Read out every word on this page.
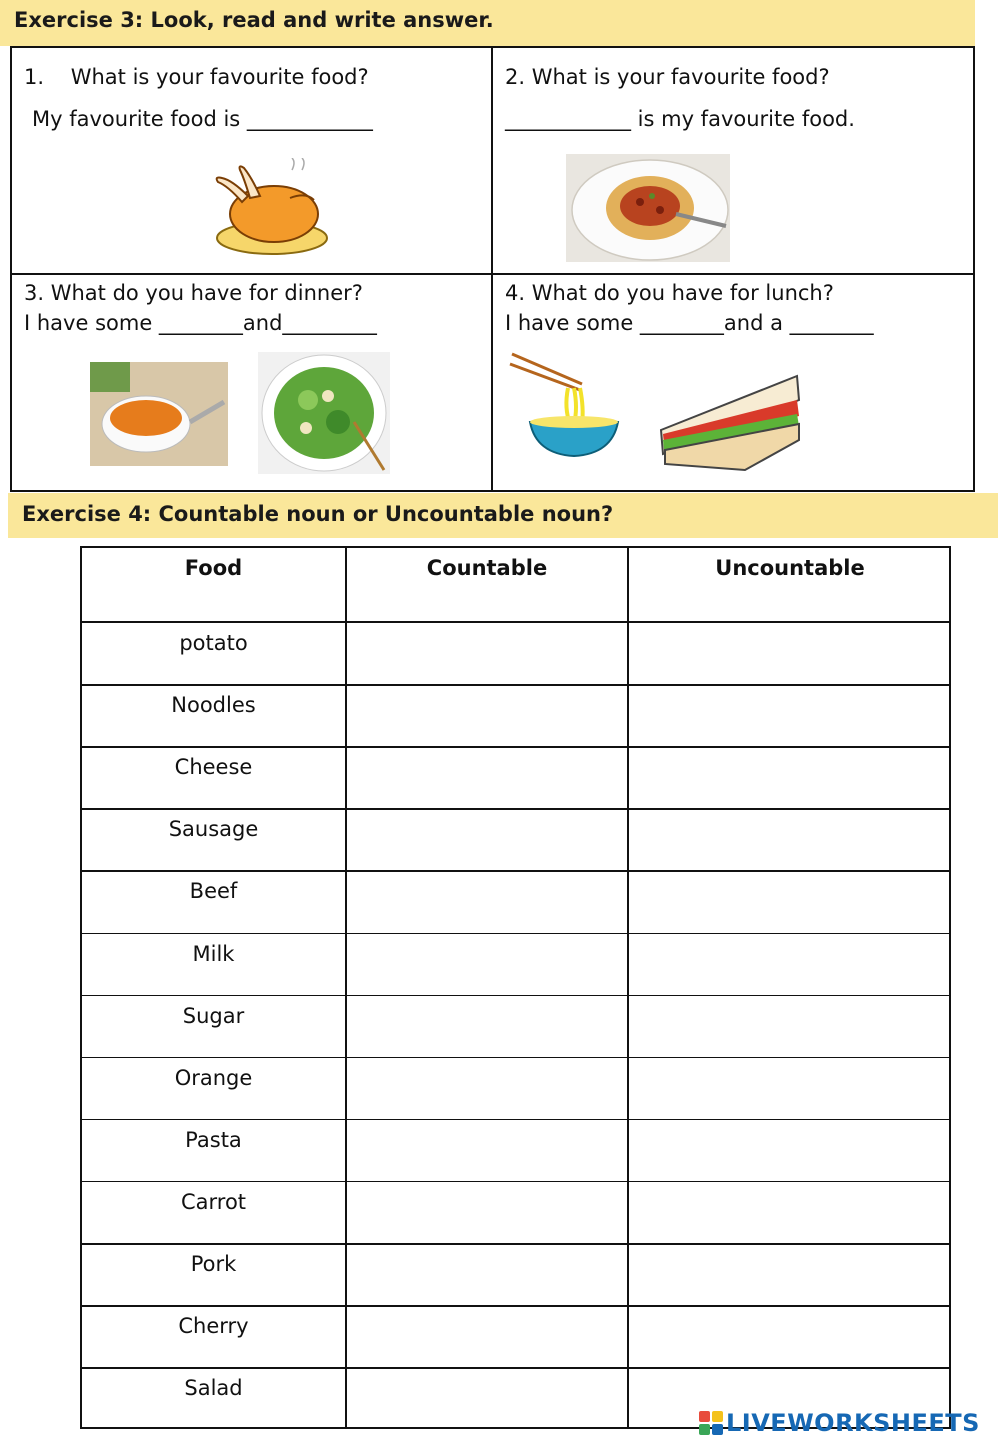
Exercise 3: Look, read and write answer.
1.    What is your favourite food?
My favourite food is ____________
2. What is your favourite food?
____________ is my favourite food.
3. What do you have for dinner?
I have some ________and_________
4. What do you have for lunch?
I have some ________and a ________
Exercise 4: Countable noun or Uncountable noun?
Food	Countable	Uncountable
potato
Noodles
Cheese
Sausage
Beef
Milk
Sugar
Orange
Pasta
Carrot
Pork
Cherry
Salad
LIVEWORKSHEETS
